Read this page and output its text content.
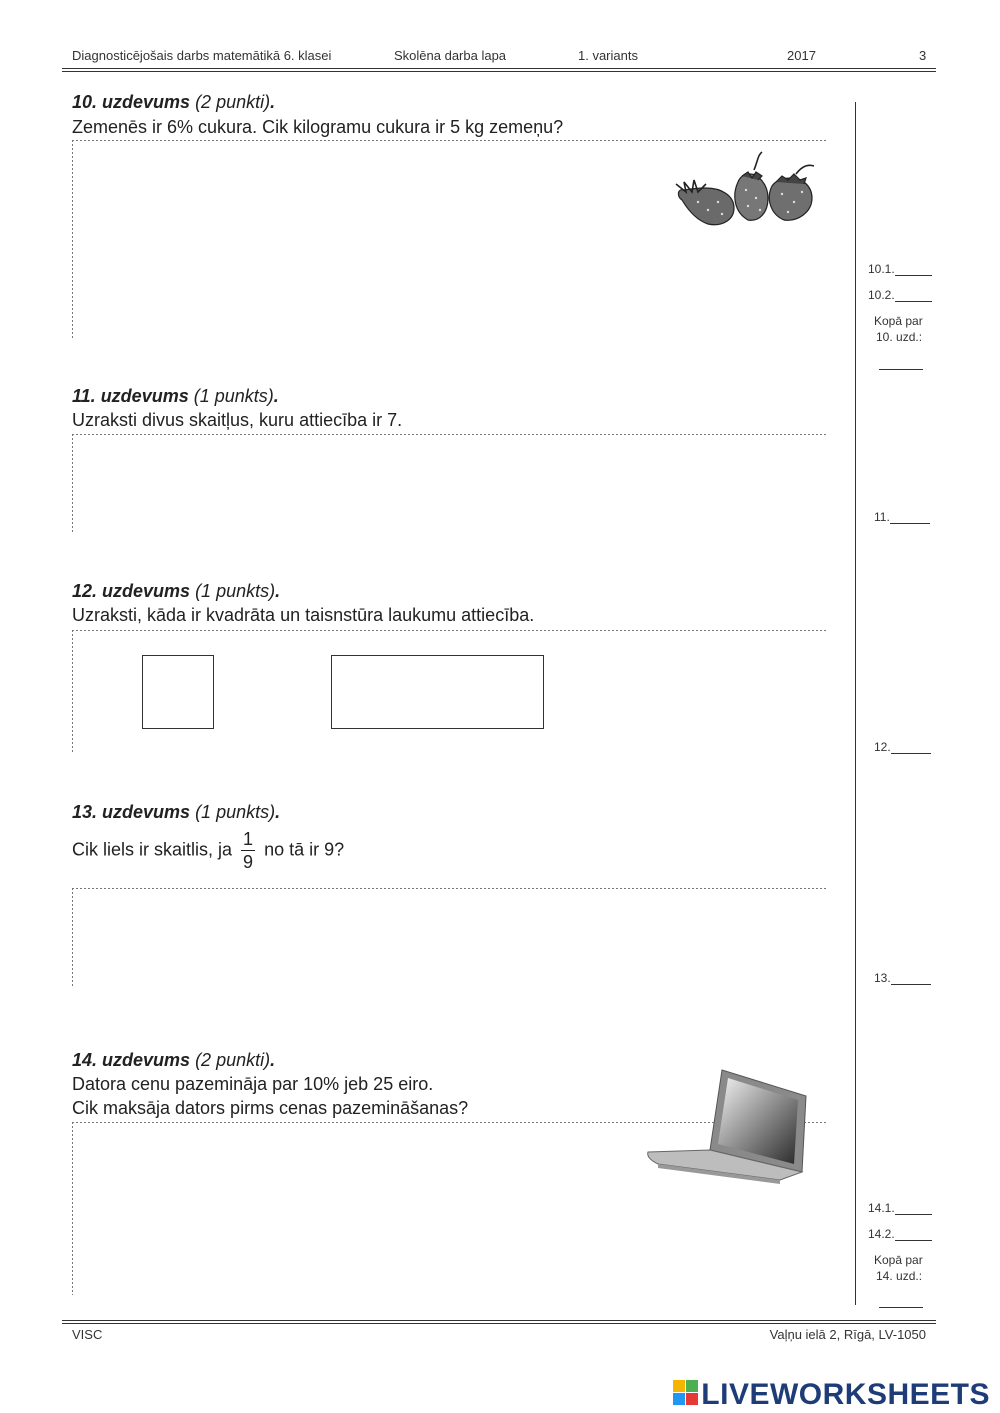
Diagnosticējošais darbs matemātikā 6. klasei	Skolēna darba lapa	1. variants	2017	3
10. uzdevums (2 punkti).
Zemenēs ir 6% cukura. Cik kilogramu cukura ir 5 kg zemeņu?
11. uzdevums (1 punkts).
Uzraksti divus skaitļus, kuru attiecība ir 7.
12. uzdevums (1 punkts).
Uzraksti, kāda ir kvadrāta un taisnstūra laukumu attiecība.
13. uzdevums (1 punkts).
Cik liels ir skaitlis, ja $\frac{1}{9}$ no tā ir 9?
14. uzdevums (2 punkti).
Datora cenu pazemināja par 10% jeb 25 eiro.
Cik maksāja dators pirms cenas pazemināšanas?
10.1.
10.2.
Kopā par
10. uzd.:
11.
12.
13.
14.1.
14.2.
Kopā par
14. uzd.:
VISC	Vaļņu ielā 2, Rīgā, LV-1050
LIVEWORKSHEETS
